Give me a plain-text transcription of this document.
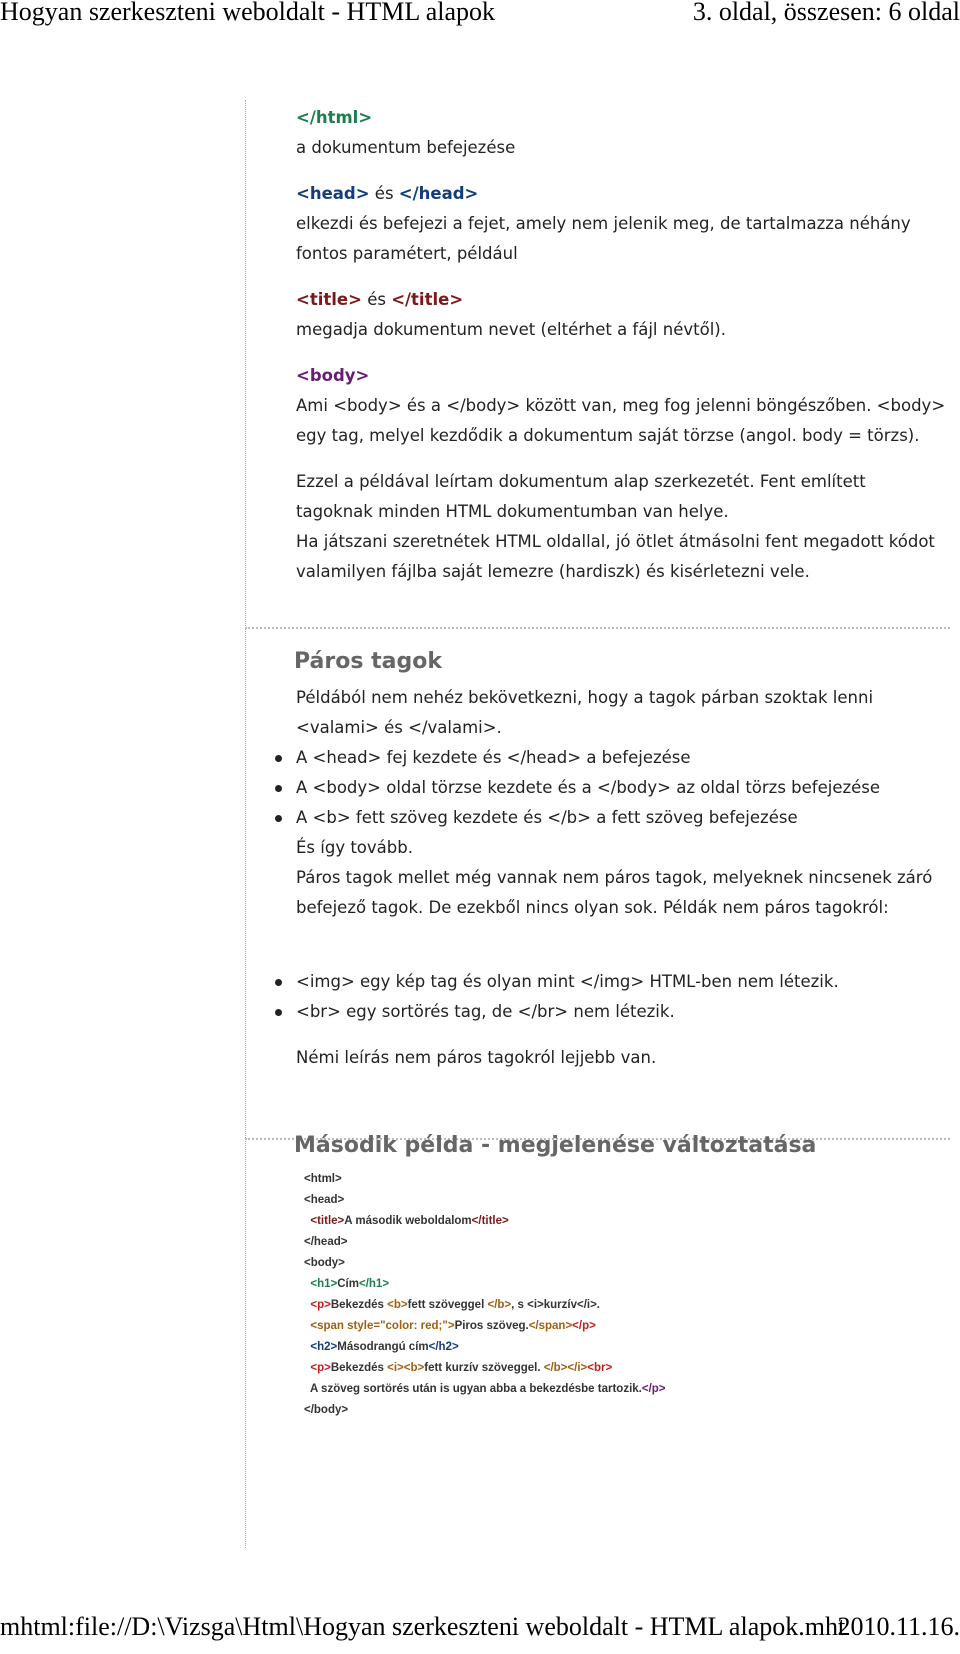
Hogyan szerkeszteni weboldalt - HTML alapok	3. oldal, összesen: 6 oldal
</html>

a dokumentum befejezése

<head> és </head>

elkezdi és befejezi a fejet, amely nem jelenik meg, de tartalmazza néhány fontos paramétert, például

<title> és </title>

megadja dokumentum nevet (eltérhet a fájl névtől).

<body>

Ami <body> és a </body> között van, meg fog jelenni böngészőben. <body> egy tag, melyel kezdődik a dokumentum saját törzse (angol. body = törzs).

Ezzel a példával leírtam dokumentum alap szerkezetét. Fent említett tagoknak minden HTML dokumentumban van helye.

Ha játszani szeretnétek HTML oldallal, jó ötlet átmásolni fent megadott kódot valamilyen fájlba saját lemezre (hardiszk) és kisérletezni vele.

Páros tagok

Példából nem nehéz bekövetkezni, hogy a tagok párban szoktak lenni <valami> és </valami>.

A <head> fej kezdete és </head> a befejezése
A <body> oldal törzse kezdete és a </body> az oldal törzs befejezése
A <b> fett szöveg kezdete és </b> a fett szöveg befejezése

És így tovább.

Páros tagok mellet még vannak nem páros tagok, melyeknek nincsenek záró befejező tagok. De ezekből nincs olyan sok. Példák nem páros tagokról:

<img> egy kép tag és olyan mint </img> HTML-ben nem létezik.
<br> egy sortörés tag, de </br> nem létezik.

Némi leírás nem páros tagokról lejjebb van.

Második példa - megjelenése változtatása
<html>
<head>
<title>A második weboldalom</title>
</head>
<body>
<h1>Cím</h1>
<p>Bekezdés <b>fett szöveggel </b>, s <i>kurzív</i>.
<span style="color: red;">Piros szöveg.</span></p>
<h2>Másodrangú cím</h2>
<p>Bekezdés <i><b>fett kurzív szöveggel. </b></i><br>
A szöveg sortörés után is ugyan abba a bekezdésbe tartozik.</p>
</body>
mhtml:file://D:\Vizsga\Html\Hogyan szerkeszteni weboldalt - HTML alapok.mht
2010.11.16.
